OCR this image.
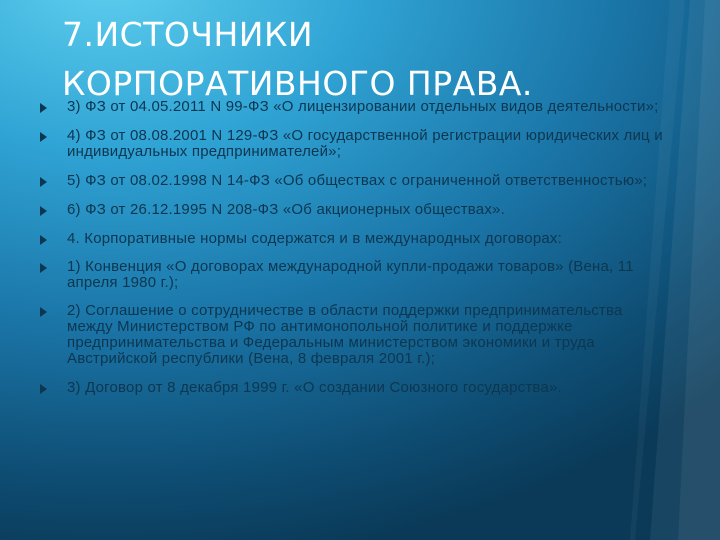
7.ИСТОЧНИКИ
КОРПОРАТИВНОГО ПРАВА.
3) ФЗ от 04.05.2011 N 99-ФЗ «О лицензировании отдельных видов деятельности»;
4) ФЗ от 08.08.2001 N 129-ФЗ «О государственной регистрации юридических лиц и индивидуальных предпринимателей»;
5) ФЗ от 08.02.1998 N 14-ФЗ «Об обществах с ограниченной ответственностью»;
6) ФЗ от 26.12.1995 N 208-ФЗ «Об акционерных обществах».
4. Корпоративные нормы содержатся и в международных договорах:
1) Конвенция «О договорах международной купли-продажи товаров» (Вена, 11 апреля 1980 г.);
2) Соглашение о сотрудничестве в области поддержки предпринимательства между Министерством РФ по антимонопольной политике и поддержке предпринимательства и Федеральным министерством экономики и труда Австрийской республики (Вена, 8 февраля 2001 г.);
3) Договор от 8 декабря 1999 г. «О создании Союзного государства».
